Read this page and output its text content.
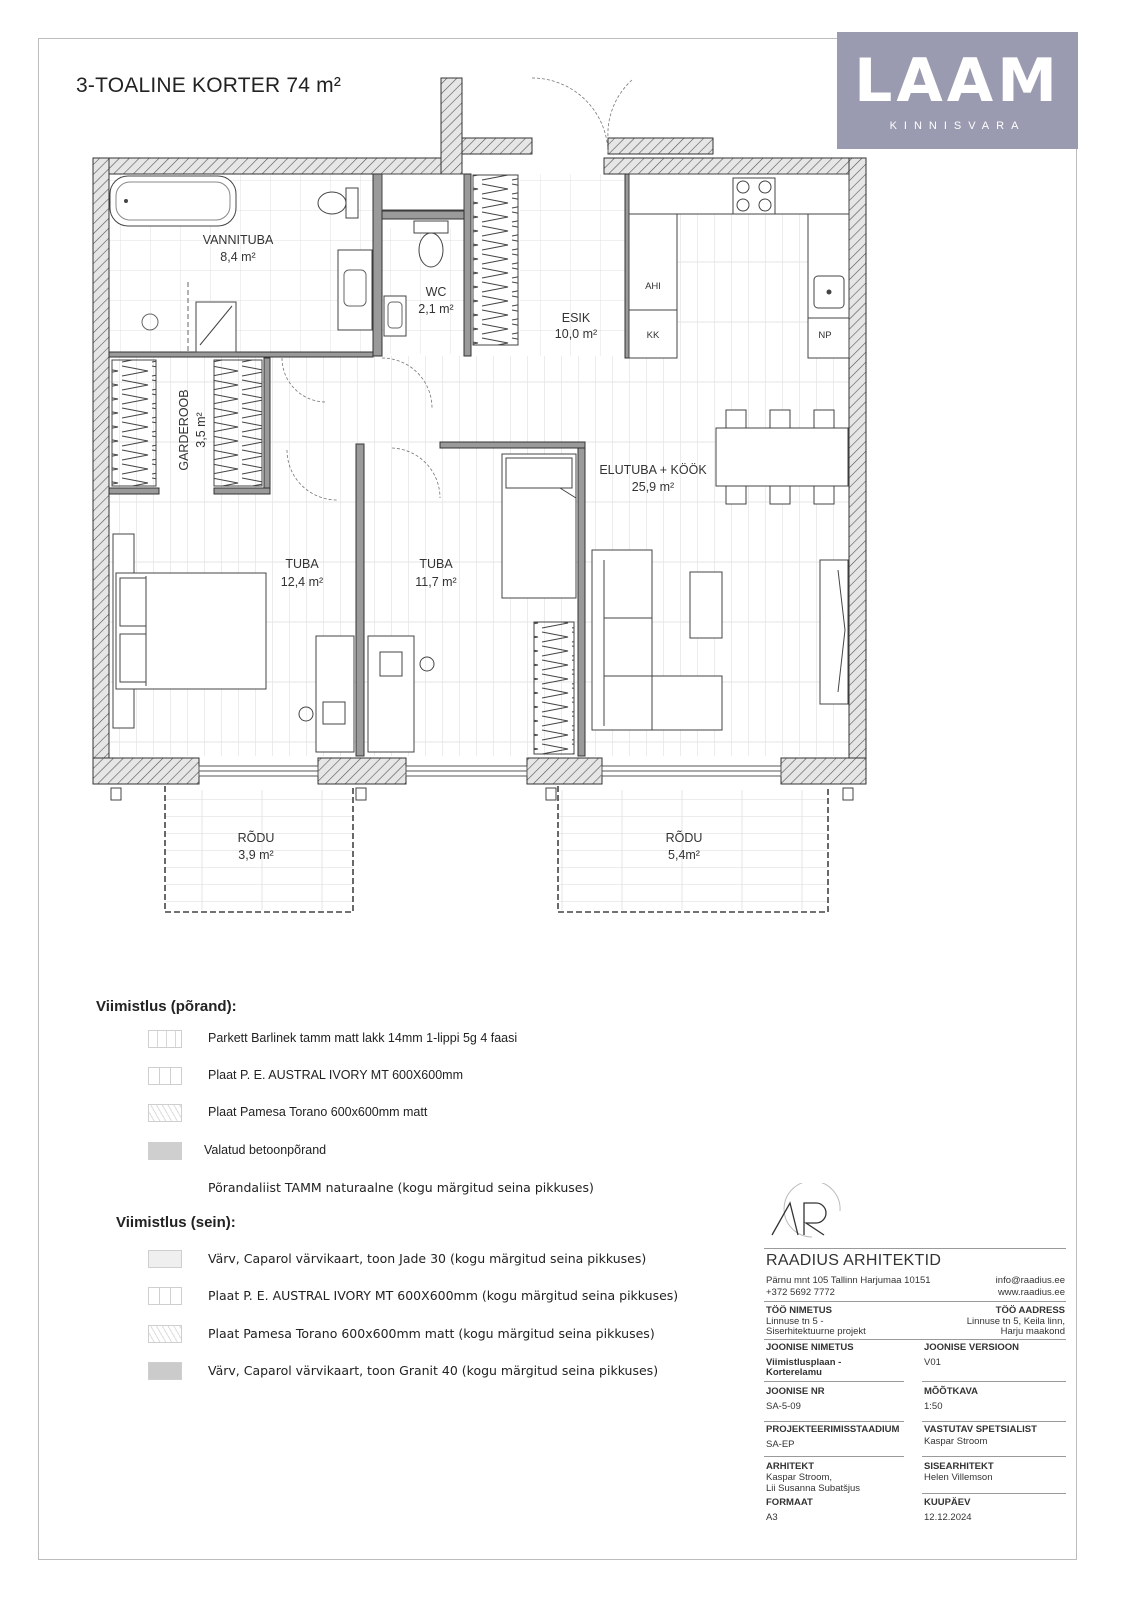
3-TOALINE KORTER 74 m²	LAAM
KINNISVARA
VANNITUBA
8,4 m²
WC
2,1 m²
ESIK
10,0 m²
GARDEROOB 3,5 m²
TUBA
12,4 m²
TUBA
11,7 m²
ELUTUBA + KÖÖK
25,9 m²
RÕDU
3,9 m²
RÕDU
5,4m²
AHI
KK	NP
Viimistlus (põrand):
Parkett Barlinek tamm matt lakk 14mm 1-lippi 5g 4 faasi
Plaat P. E. AUSTRAL IVORY MT 600X600mm
Plaat Pamesa Torano 600x600mm matt
Valatud betoonpõrand
Põrandaliist TAMM naturaalne (kogu märgitud seina pikkuses)
Viimistlus (sein):
Värv, Caparol värvikaart, toon Jade 30 (kogu märgitud seina pikkuses)
Plaat P. E. AUSTRAL IVORY MT 600X600mm (kogu märgitud seina pikkuses)
Plaat Pamesa Torano 600x600mm matt (kogu märgitud seina pikkuses)
Värv, Caparol värvikaart, toon Granit 40 (kogu märgitud seina pikkuses)
RAADIUS ARHITEKTID
Pärnu mnt 105 Tallinn Harjumaa 10151
+372 5692 7772
info@raadius.ee
www.raadius.ee
TÖÖ NIMETUS
Linnuse tn 5 -
Siserhitektuurne projekt
TÖÖ AADRESS
Linnuse tn 5, Keila linn,
Harju maakond
JOONISE NIMETUS
Viimistlusplaan -
Korterelamu
JOONISE VERSIOON
V01
JOONISE NR
SA-5-09
MÕÕTKAVA
1:50
PROJEKTEERIMISSTAADIUM
SA-EP
VASTUTAV SPETSIALIST
Kaspar Stroom
ARHITEKT
Kaspar Stroom,
Lii Susanna Subatšjus
SISEARHITEKT
Helen Villemson
FORMAAT
A3
KUUPÄEV
12.12.2024
